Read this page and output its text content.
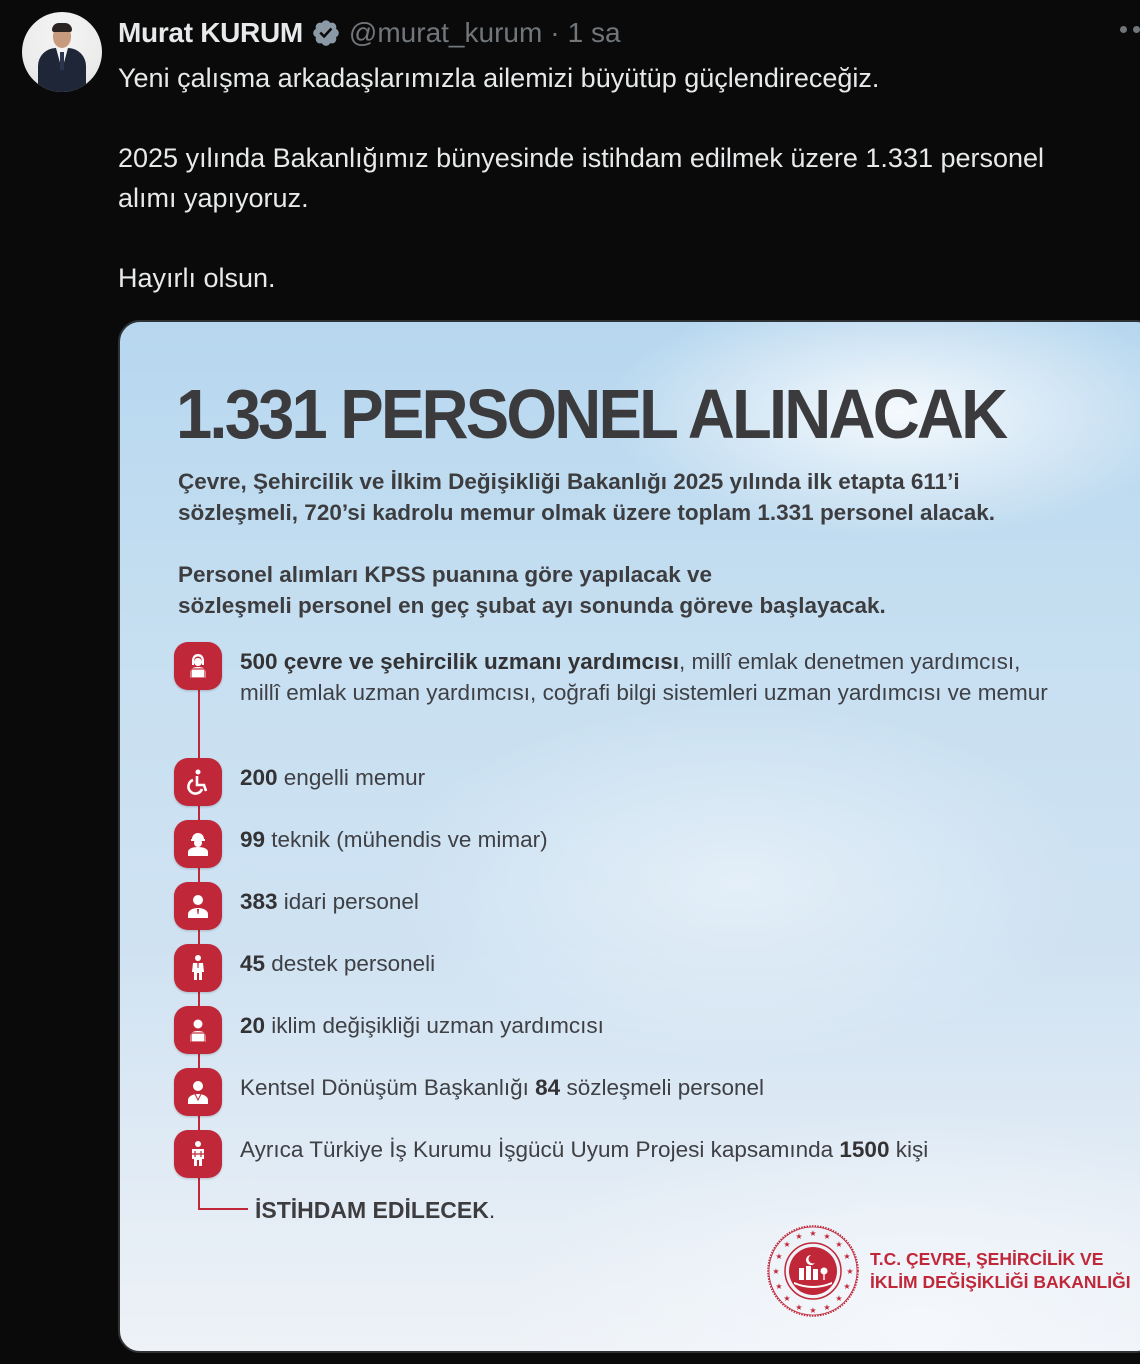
Murat KURUM @murat_kurum · 1 sa

Yeni çalışma arkadaşlarımızla ailemizi büyütüp güçlendireceğiz.

2025 yılında Bakanlığımız bünyesinde istihdam edilmek üzere 1.331 personel alımı yapıyoruz.

Hayırlı olsun.

1.331 PERSONEL ALINACAK
Çevre, Şehircilik ve İlkim Değişikliği Bakanlığı 2025 yılında ilk etapta 611’i
sözleşmeli, 720’si kadrolu memur olmak üzere toplam 1.331 personel alacak.
Personel alımları KPSS puanına göre yapılacak ve
sözleşmeli personel en geç şubat ayı sonunda göreve başlayacak.
500 çevre ve şehircilik uzmanı yardımcısı, millî emlak denetmen yardımcısı, millî emlak uzman yardımcısı, coğrafi bilgi sistemleri uzman yardımcısı ve memur
200 engelli memur
99 teknik (mühendis ve mimar)
383 idari personel
45 destek personeli
20 iklim değişikliği uzman yardımcısı
Kentsel Dönüşüm Başkanlığı 84 sözleşmeli personel
Ayrıca Türkiye İş Kurumu İşgücü Uyum Projesi kapsamında 1500 kişi
İSTİHDAM EDİLECEK.
★
★	★
★	★
★	★
★	★
★	★
★	★
★	★
★
T.C. ÇEVRE, ŞEHİRCİLİK VE
İKLİM DEĞİŞİKLİĞİ BAKANLIĞI
